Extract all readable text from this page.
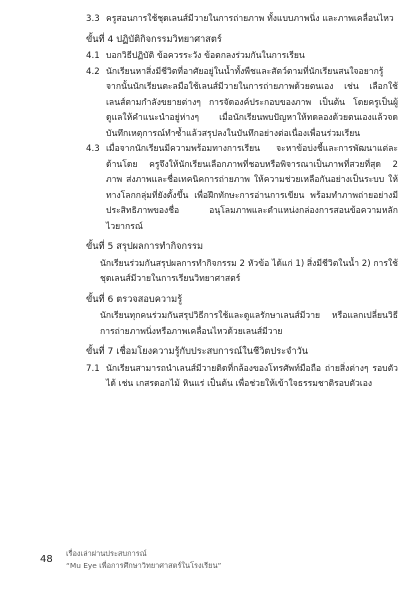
3.3 ครูสอนการใช้ชุดเลนส์มีวายในการถ่ายภาพ ทั้งแบบภาพนิ่ง และภาพเคลื่อนไหว
ขั้นที่ 4 ปฏิบัติกิจกรรมวิทยาศาสตร์
4.1 บอกวิธีปฏิบัติ ข้อควรระวัง ข้อตกลงร่วมกันในการเรียน
4.2 นักเรียนหาสิ่งมีชีวิตที่อาศัยอยู่ในน้ำทั้งพืชและสัตว์ตามที่นักเรียนสนใจอยากรู้ จากนั้นนักเรียนตะลมือใช้เลนส์มีวายในการถ่ายภาพด้วยตนเอง เช่น เลือกใช้เลนส์ตามกำลังขยายต่างๆ การจัดองค์ประกอบของภาพ เป็นต้น โดยครูเป็นผู้ดูแลให้คำแนะนำอยู่ห่างๆ เมื่อนักเรียนพบปัญหาให้ทดลองด้วยตนเองแล้วจดบันทึกเหตุการณ์ทำซ้ำแล้วสรุปลงในบันทึกอย่างต่อเนื่องเพื่อนร่วมเรียน
4.3 เมื่อจากนักเรียนมีความพร้อมทางการเรียน จะหาข้อบ่งชี้และการพัฒนาแต่ละด้านโดย ครูจึงให้นักเรียนเลือกภาพที่ชอบหรือพิจารณาเป็นภาพที่สวยที่สุด 2 ภาพ ส่งภาพและชื่อเทคนิคการถ่ายภาพ ให้ความช่วยเหลือกันอย่างเป็นระบบ ให้ทางโลกกลุ่มที่ยังตั้งขึ้น เพื่อฝึกทักษะการอ่านการเขียน พร้อมทำภาพถ่ายอย่างมีประสิทธิภาพของชื่อ อนุโลมภาพและตำแหน่งกล่องการสอนข้อความหลักไวยากรณ์
ขั้นที่ 5 สรุปผลการทำกิจกรรม
นักเรียนร่วมกันสรุปผลการทำกิจกรรม 2 หัวข้อ ได้แก่ 1) สิ่งมีชีวิตในน้ำ 2) การใช้ชุดเลนส์มีวายในการเรียนวิทยาศาสตร์
ขั้นที่ 6 ตรวจสอบความรู้
นักเรียนทุกคนร่วมกันสรุปวิธีการใช้และดูแลรักษาเลนส์มีวาย หรือแลกเปลี่ยนวิธีการถ่ายภาพนิ่งหรือภาพเคลื่อนไหวด้วยเลนส์มีวาย
ขั้นที่ 7 เชื่อมโยงความรู้กับประสบการณ์ในชีวิตประจำวัน
7.1 นักเรียนสามารถนำเลนส์มีวายติดที่กล้องของโทรศัพท์มือถือ ถ่ายสิ่งต่างๆ รอบตัวได้ เช่น เกสรดอกไม้ หินแร่ เป็นต้น เพื่อช่วยให้เข้าใจธรรมชาติรอบตัวเอง
48
เรื่องเล่าผ่านประสบการณ์
“Mu Eye เพื่อการศึกษาวิทยาศาสตร์ในโรงเรียน”
